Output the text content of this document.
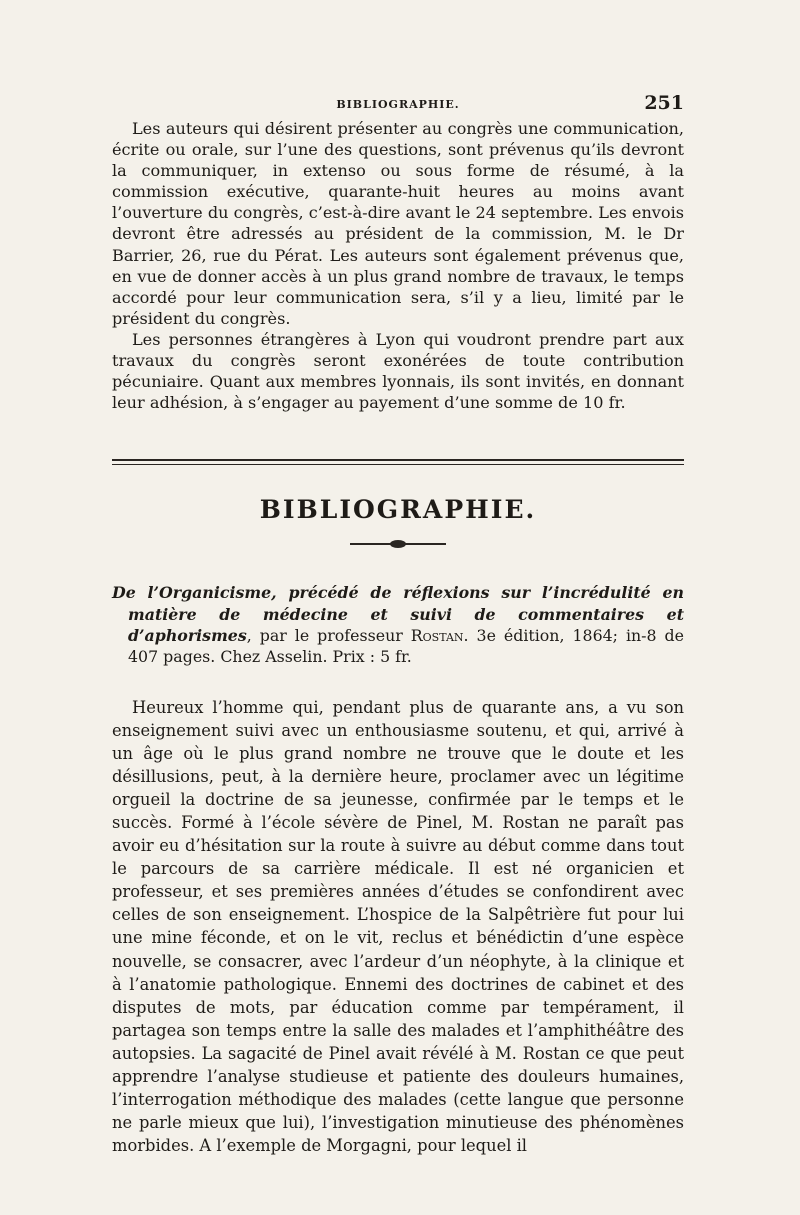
BIBLIOGRAPHIE.	251

Les auteurs qui désirent présenter au congrès une communication, écrite ou orale, sur l’une des questions, sont prévenus qu’ils devront la communiquer, in extenso ou sous forme de résumé, à la commission exécutive, quarante-huit heures au moins avant l’ouverture du congrès, c’est-à-dire avant le 24 septembre. Les envois devront être adressés au président de la commission, M. le Dr Barrier, 26, rue du Pérat. Les auteurs sont également prévenus que, en vue de donner accès à un plus grand nombre de travaux, le temps accordé pour leur communication sera, s’il y a lieu, limité par le président du congrès.

Les personnes étrangères à Lyon qui voudront prendre part aux travaux du congrès seront exonérées de toute contribution pécuniaire. Quant aux membres lyonnais, ils sont invités, en donnant leur adhésion, à s’engager au payement d’une somme de 10 fr.

BIBLIOGRAPHIE.
De l’Organicisme, précédé de réflexions sur l’incrédulité en matière de médecine et suivi de commentaires et d’aphorismes, par le professeur Rostan. 3e édition, 1864; in-8 de 407 pages. Chez Asselin. Prix : 5 fr.

Heureux l’homme qui, pendant plus de quarante ans, a vu son enseignement suivi avec un enthousiasme soutenu, et qui, arrivé à un âge où le plus grand nombre ne trouve que le doute et les désillusions, peut, à la dernière heure, proclamer avec un légitime orgueil la doctrine de sa jeunesse, confirmée par le temps et le succès. Formé à l’école sévère de Pinel, M. Rostan ne paraît pas avoir eu d’hésitation sur la route à suivre au début comme dans tout le parcours de sa carrière médicale. Il est né organicien et professeur, et ses premières années d’études se confondirent avec celles de son enseignement. L’hospice de la Salpêtrière fut pour lui une mine féconde, et on le vit, reclus et bénédictin d’une espèce nouvelle, se consacrer, avec l’ardeur d’un néophyte, à la clinique et à l’anatomie pathologique. Ennemi des doctrines de cabinet et des disputes de mots, par éducation comme par tempérament, il partagea son temps entre la salle des malades et l’amphithéâtre des autopsies. La sagacité de Pinel avait révélé à M. Rostan ce que peut apprendre l’analyse studieuse et patiente des douleurs humaines, l’interrogation méthodique des malades (cette langue que personne ne parle mieux que lui), l’investigation minutieuse des phénomènes morbides. A l’exemple de Morgagni, pour lequel il
